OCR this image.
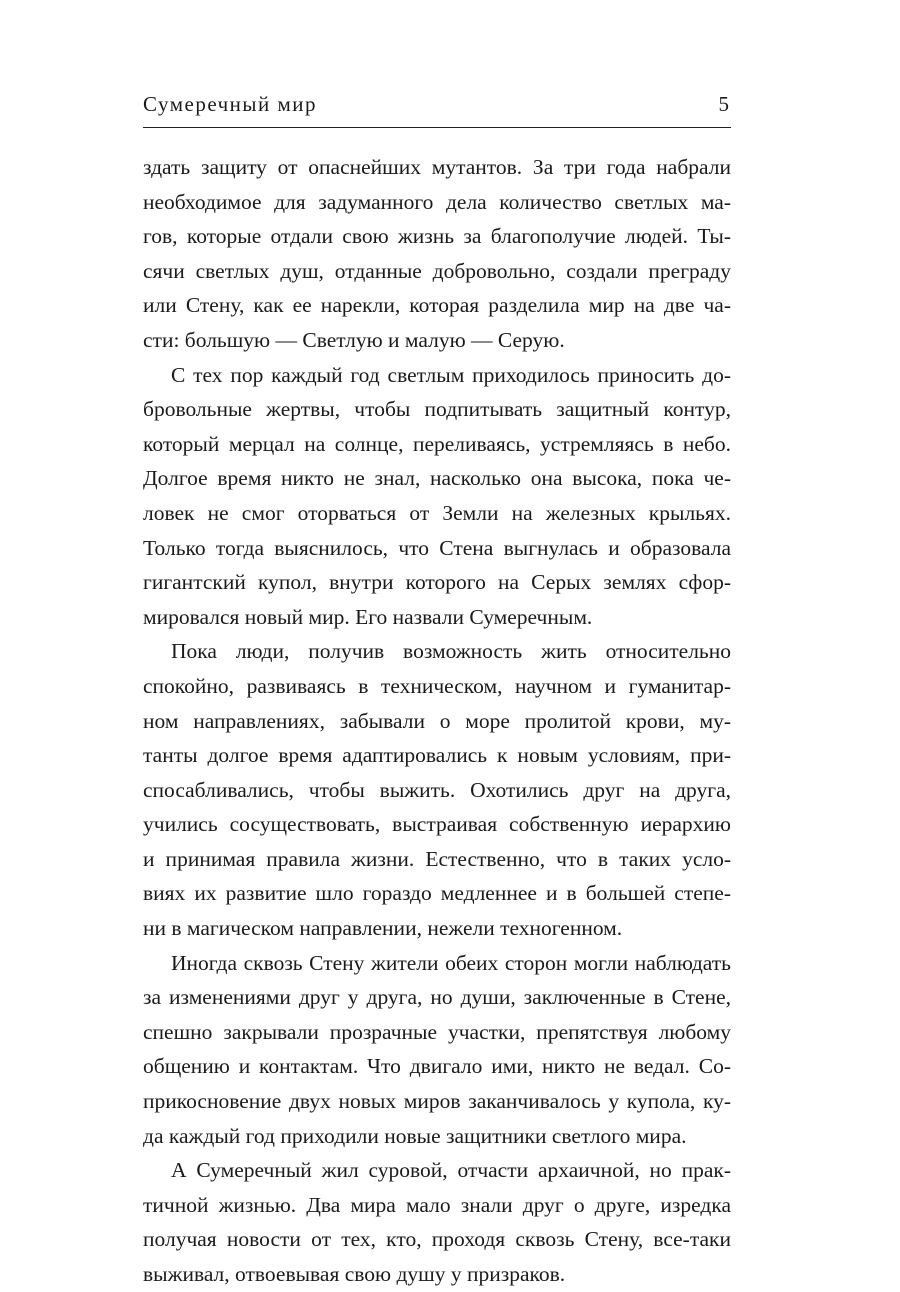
Сумеречный мир	5

здать защиту от опаснейших мутантов. За три года набрали
необходимое для задуманного дела количество светлых ма-
гов, которые отдали свою жизнь за благополучие людей. Ты-
сячи светлых душ, отданные добровольно, создали преграду
или Стену, как ее нарекли, которая разделила мир на две ча-
сти: большую — Светлую и малую — Серую.

С тех пор каждый год светлым приходилось приносить до-
бровольные жертвы, чтобы подпитывать защитный контур,
который мерцал на солнце, переливаясь, устремляясь в небо.
Долгое время никто не знал, насколько она высока, пока че-
ловек не смог оторваться от Земли на железных крыльях.
Только тогда выяснилось, что Стена выгнулась и образовала
гигантский купол, внутри которого на Серых землях сфор-
мировался новый мир. Его назвали Сумеречным.

Пока люди, получив возможность жить относительно
спокойно, развиваясь в техническом, научном и гуманитар-
ном направлениях, забывали о море пролитой крови, му-
танты долгое время адаптировались к новым условиям, при-
спосабливались, чтобы выжить. Охотились друг на друга,
учились сосуществовать, выстраивая собственную иерархию
и принимая правила жизни. Естественно, что в таких усло-
виях их развитие шло гораздо медленнее и в большей степе-
ни в магическом направлении, нежели техногенном.

Иногда сквозь Стену жители обеих сторон могли наблюдать
за изменениями друг у друга, но души, заключенные в Стене,
спешно закрывали прозрачные участки, препятствуя любому
общению и контактам. Что двигало ими, никто не ведал. Со-
прикосновение двух новых миров заканчивалось у купола, ку-
да каждый год приходили новые защитники светлого мира.

А Сумеречный жил суровой, отчасти архаичной, но прак-
тичной жизнью. Два мира мало знали друг о друге, изредка
получая новости от тех, кто, проходя сквозь Стену, все-таки
выживал, отвоевывая свою душу у призраков.
